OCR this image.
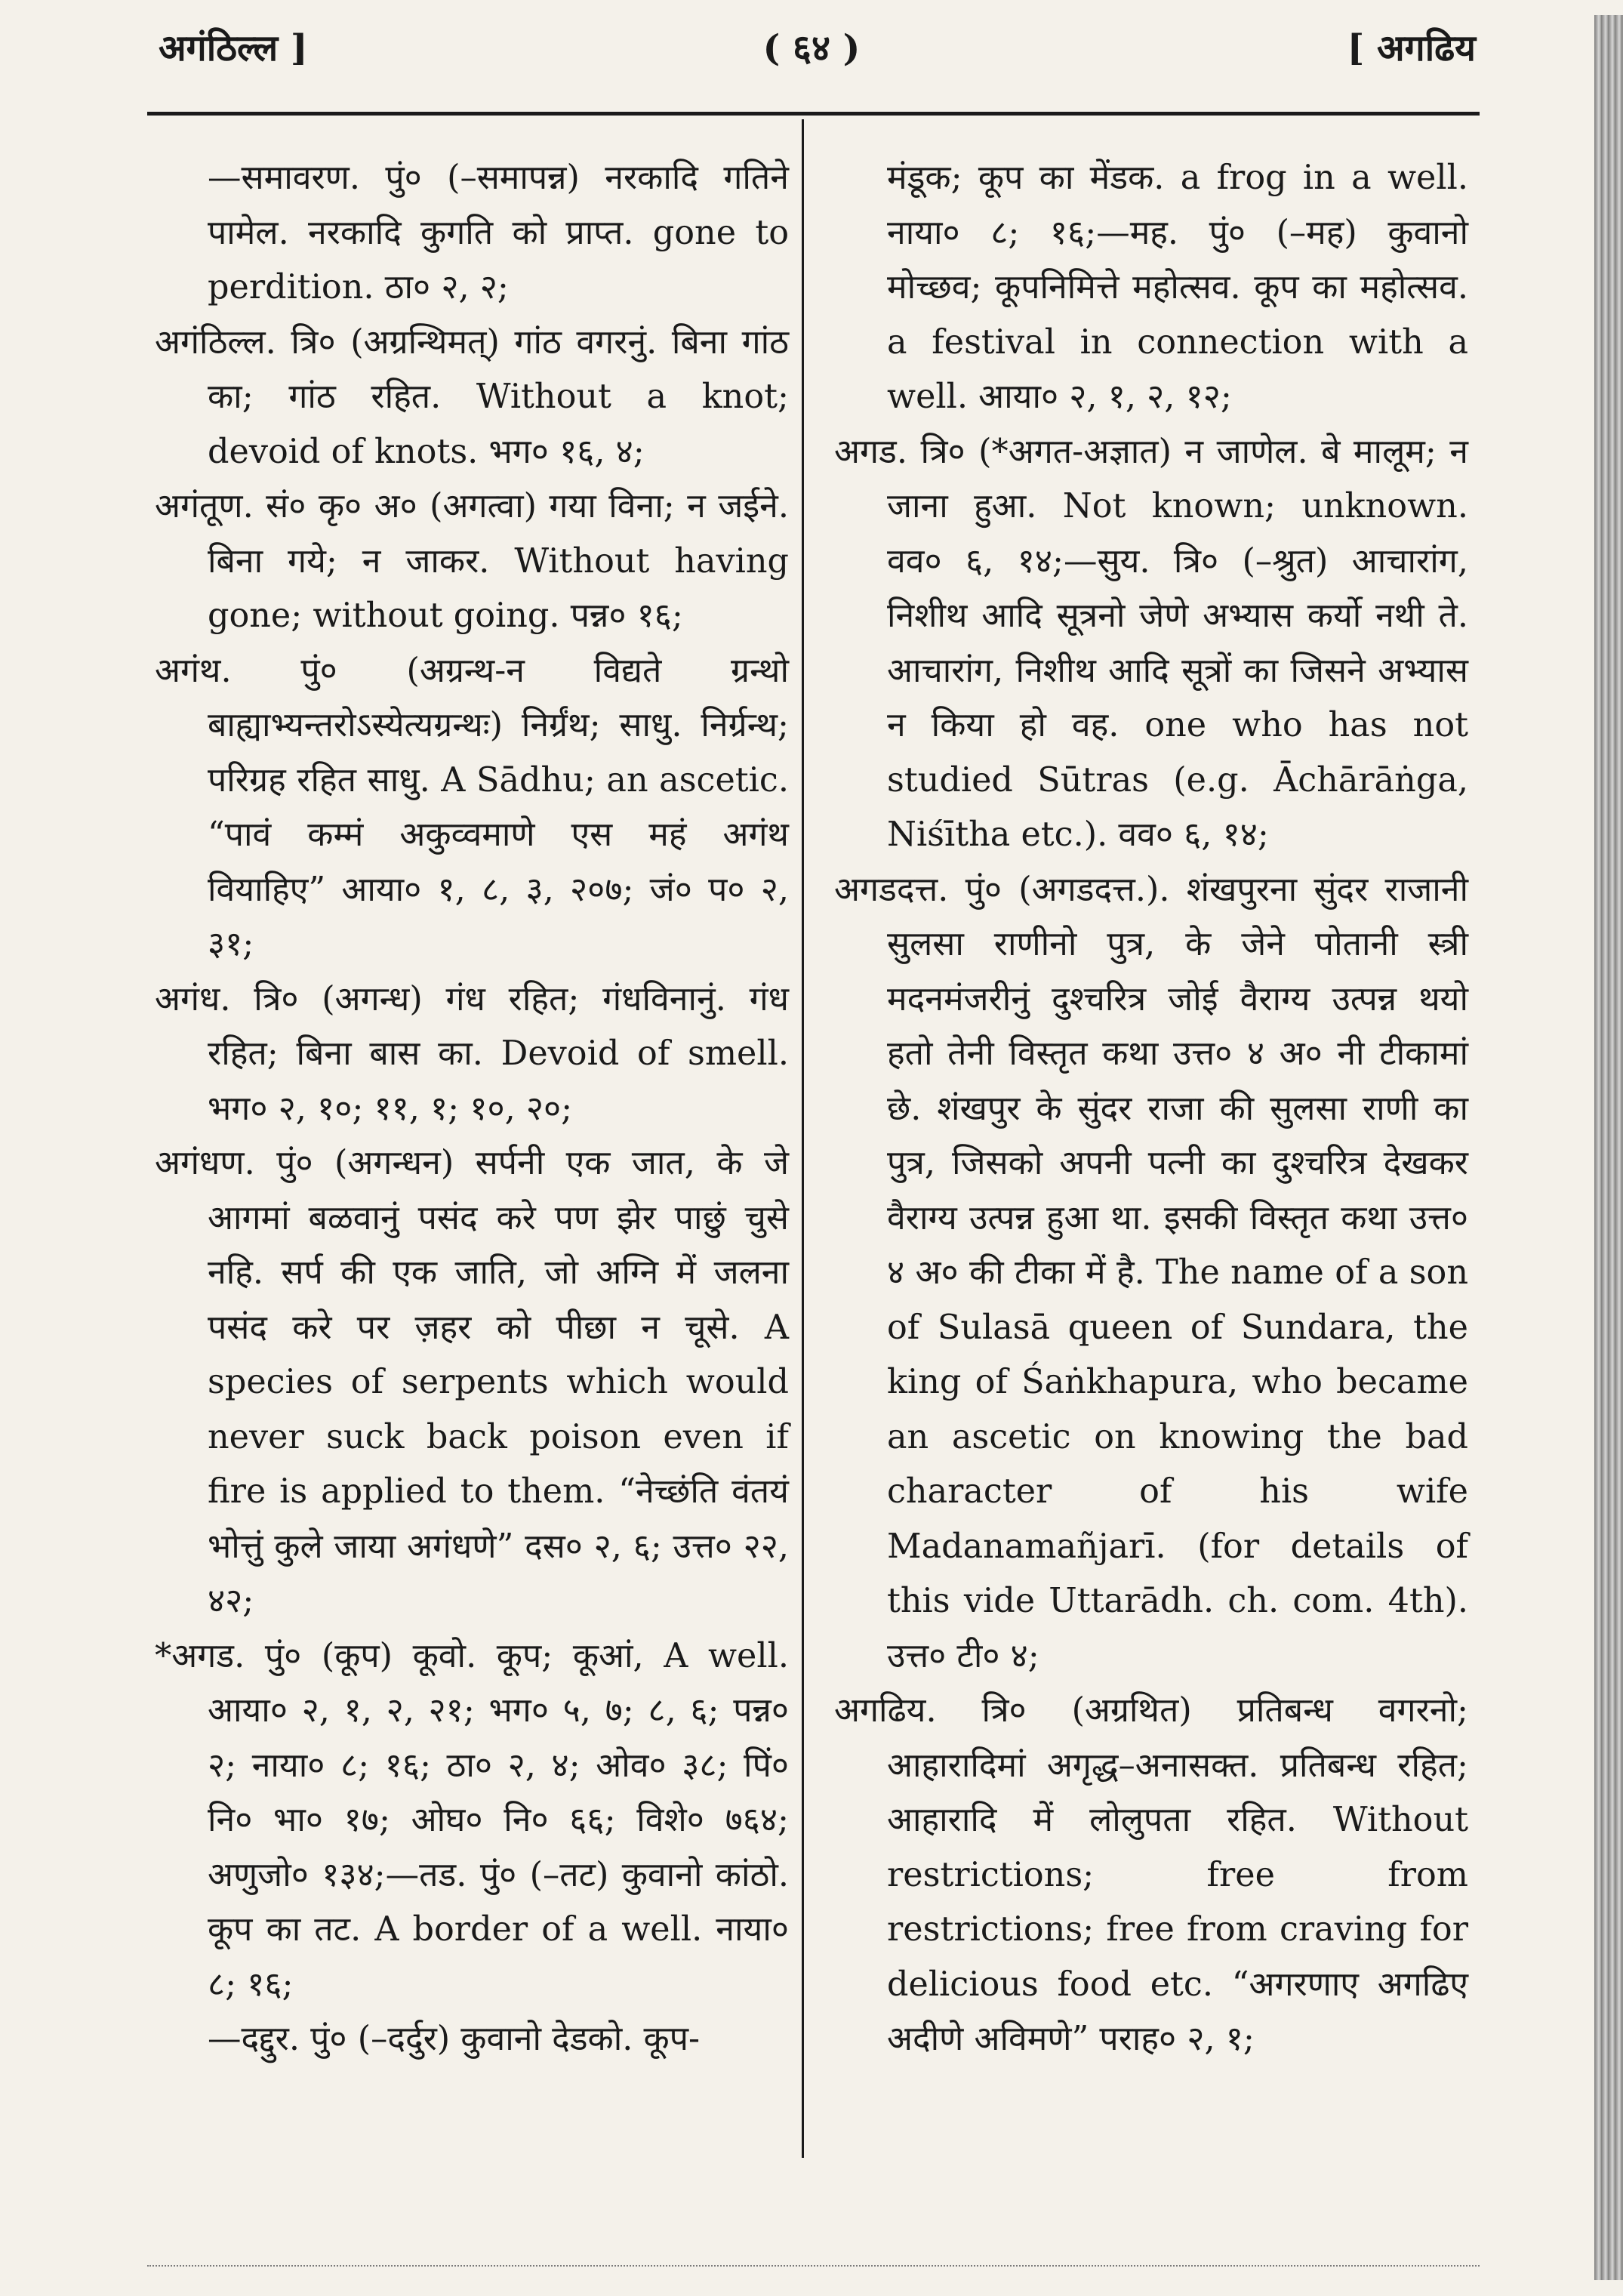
अगंठिल्ल ]	( ६४ )	[ अगढिय

—समावरण. पुं० (–समापन्न) नरकादि गतिने पामेल. नरकादि कुगति को प्राप्त. gone to perdition. ठा० २, २;

अगंठिल्ल. त्रि० (अग्रन्थिमत्) गांठ वगरनुं. बिना गांठ का; गांठ रहित. Without a knot; devoid of knots. भग० १६, ४;

अगंतूण. सं० कृ० अ० (अगत्वा) गया विना; न जईने. बिना गये; न जाकर. Without having gone; without going. पन्न० १६;

अगंथ. पुं० (अग्रन्थ-न विद्यते ग्रन्थो बाह्याभ्यन्तरोऽस्येत्यग्रन्थः) निर्ग्रंथ; साधु. निर्ग्रन्थ; परिग्रह रहित साधु. A Sādhu; an ascetic. “पावं कम्मं अकुव्वमाणे एस महं अगंथ वियाहिए” आया० १, ८, ३, २०७; जं० प० २, ३१;

अगंध. त्रि० (अगन्ध) गंध रहित; गंधविनानुं. गंध रहित; बिना बास का. Devoid of smell. भग० २, १०; ११, १; १०, २०;

अगंधण. पुं० (अगन्धन) सर्पनी एक जात, के जे आगमां बळवानुं पसंद करे पण झेर पाछुं चुसे नहि. सर्प की एक जाति, जो अग्नि में जलना पसंद करे पर ज़हर को पीछा न चूसे. A species of serpents which would never suck back poison even if fire is applied to them. “नेच्छंति वंतयं भोत्तुं कुले जाया अगंधणे” दस० २, ६; उत्त० २२, ४२;

*अगड. पुं० (कूप) कूवो. कूप; कूआं, A well. आया० २, १, २, २१; भग० ५, ७; ८, ६; पन्न० २; नाया० ८; १६; ठा० २, ४; ओव० ३८; पिं० नि० भा० १७; ओघ० नि० ६६; विशे० ७६४; अणुजो० १३४;—तड. पुं० (–तट) कुवानो कांठो. कूप का तट. A border of a well. नाया० ८; १६;

—दद्दुर. पुं० (–दर्दुर) कुवानो देडको. कूप-

मंडूक; कूप का मेंडक. a frog in a well. नाया० ८; १६;—मह. पुं० (–मह) कुवानो मोच्छव; कूपनिमित्ते महोत्सव. कूप का महोत्सव. a festival in connection with a well. आया० २, १, २, १२;

अगड. त्रि० (*अगत-अज्ञात) न जाणेल. बे मालूम; न जाना हुआ. Not known; unknown. वव० ६, १४;—सुय. त्रि० (–श्रुत) आचारांग, निशीथ आदि सूत्रनो जेणे अभ्यास कर्यो नथी ते. आचारांग, निशीथ आदि सूत्रों का जिसने अभ्यास न किया हो वह. one who has not studied Sūtras (e.g. Āchārāṅga, Niśītha etc.). वव० ६, १४;

अगडदत्त. पुं० (अगडदत्त.). शंखपुरना सुंदर राजानी सुलसा राणीनो पुत्र, के जेने पोतानी स्त्री मदनमंजरीनुं दुश्चरित्र जोई वैराग्य उत्पन्न थयो हतो तेनी विस्तृत कथा उत्त० ४ अ० नी टीकामां छे. शंखपुर के सुंदर राजा की सुलसा राणी का पुत्र, जिसको अपनी पत्नी का दुश्चरित्र देखकर वैराग्य उत्पन्न हुआ था. इसकी विस्तृत कथा उत्त० ४ अ० की टीका में है. The name of a son of Sulasā queen of Sundara, the king of Śaṅkhapura, who became an ascetic on knowing the bad character of his wife Madanamañjarī. (for details of this vide Uttarādh. ch. com. 4th). उत्त० टी० ४;

अगढिय. त्रि० (अग्रथित) प्रतिबन्ध वगरनो; आहारादिमां अगृद्ध–अनासक्त. प्रतिबन्ध रहित; आहारादि में लोलुपता रहित. Without restrictions; free from restrictions; free from craving for delicious food etc. “अगरणाए अगढिए अदीणे अविमणे” पराह० २, १;
